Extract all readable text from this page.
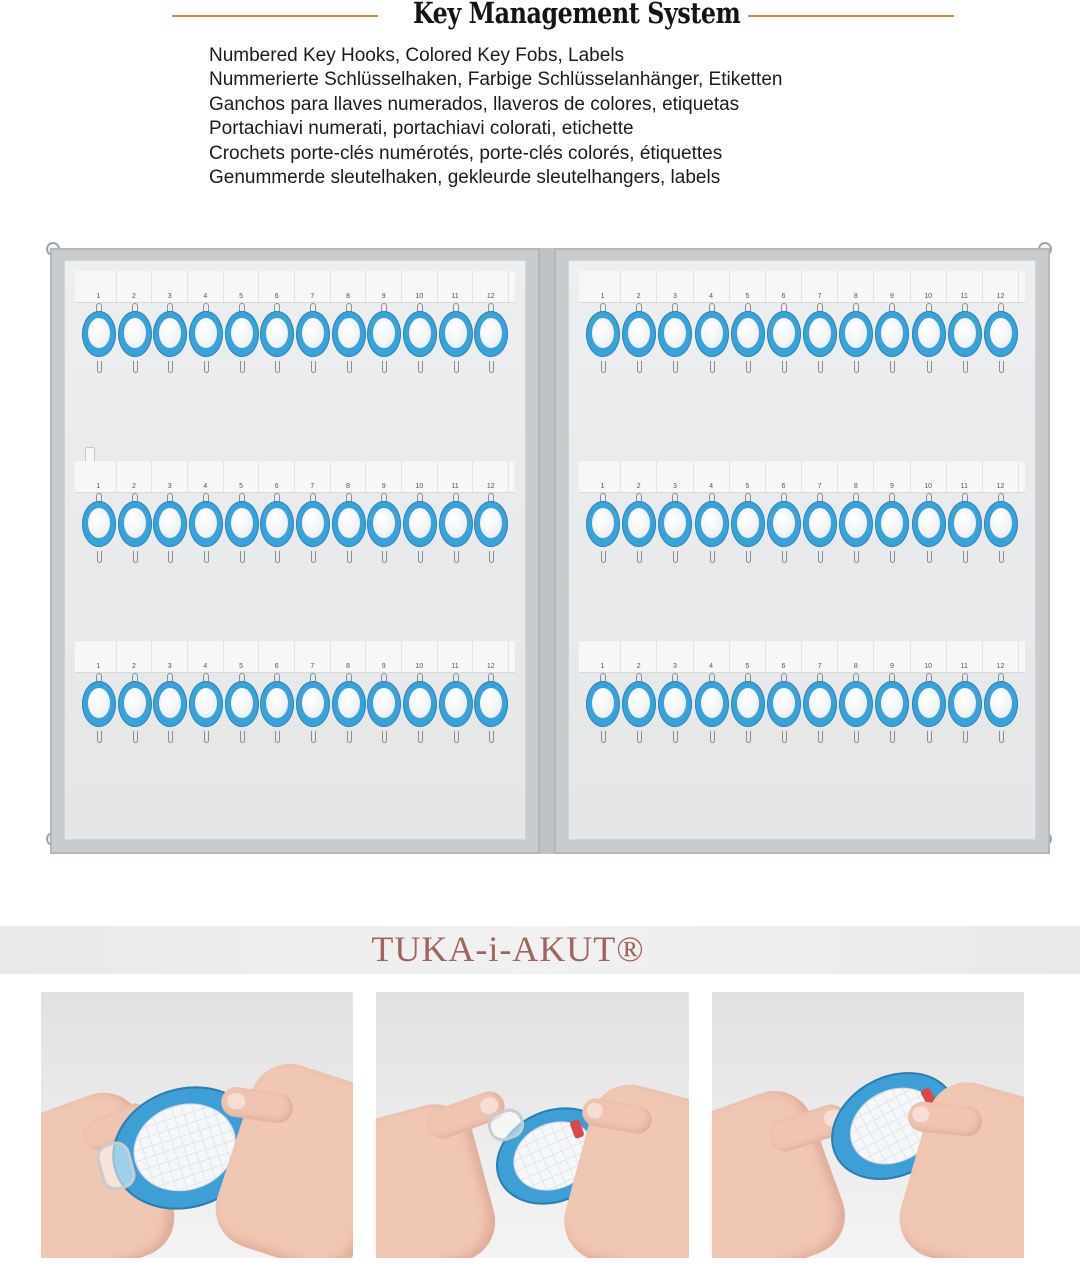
Key Management System
Numbered Key Hooks, Colored Key Fobs, Labels
Nummerierte Schlüsselhaken, Farbige Schlüsselanhänger, Etiketten
Ganchos para llaves numerados, llaveros de colores, etiquetas
Portachiavi numerati, portachiavi colorati, etichette
Crochets porte-clés numérotés, porte-clés colorés, étiquettes
Genummerde sleutelhaken, gekleurde sleutelhangers, labels
1	2	3	4	5	6	7	8	9	10	11	12
1	2	3	4	5	6	7	8	9	10	11	12
1	2	3	4	5	6	7	8	9	10	11	12
1	2	3	4	5	6	7	8	9	10	11	12
1	2	3	4	5	6	7	8	9	10	11	12
1	2	3	4	5	6	7	8	9	10	11	12
TUKA-i-AKUT®
